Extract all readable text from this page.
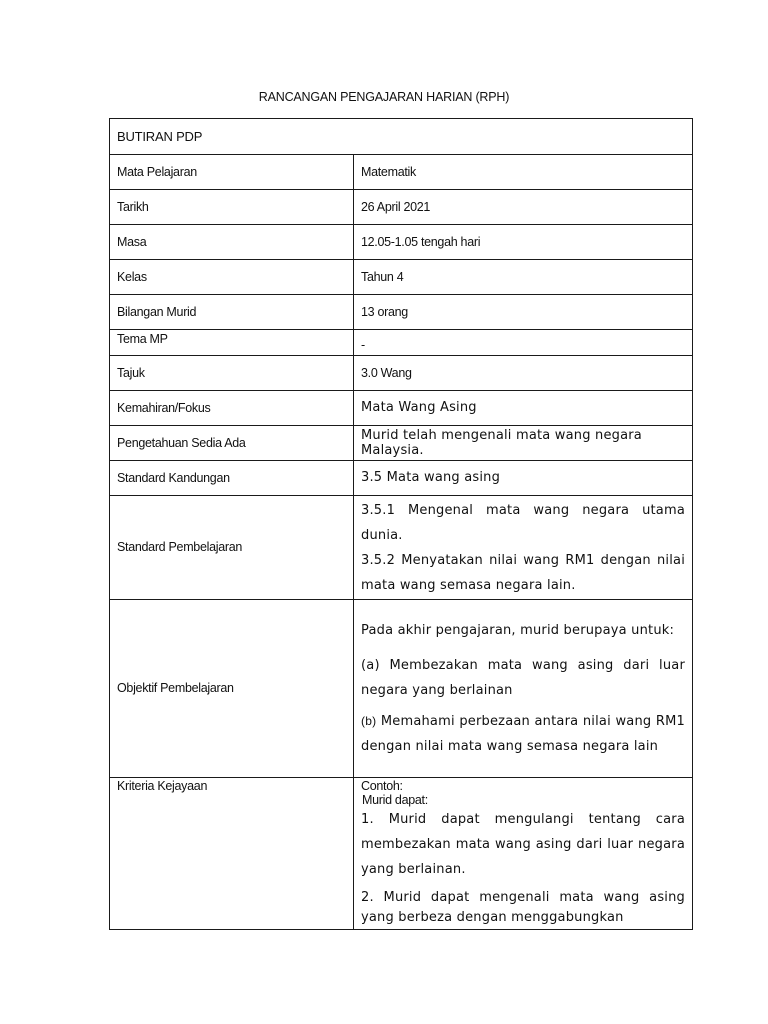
RANCANGAN PENGAJARAN HARIAN (RPH)
BUTIRAN PDP	
Mata Pelajaran	Matematik
Tarikh	26 April 2021
Masa	12.05-1.05 tengah hari
Kelas	Tahun 4
Bilangan Murid	13 orang
Tema MP	-
Tajuk	3.0 Wang
Kemahiran/Fokus	Mata Wang Asing
Pengetahuan Sedia Ada	Murid telah mengenali mata wang negara Malaysia.
Standard Kandungan	3.5 Mata wang asing
Standard Pembelajaran	3.5.1 Mengenal mata wang negara utama dunia.

3.5.2 Menyatakan nilai wang RM1 dengan nilai mata wang semasa negara lain.

Objektif Pembelajaran	Pada akhir pengajaran, murid berupaya untuk:

(a) Membezakan mata wang asing dari luar negara yang berlainan

(b) Memahami perbezaan antara nilai wang RM1 dengan nilai mata wang semasa negara lain

Kriteria Kejayaan	Contoh:
Murid dapat:

1. Murid dapat mengulangi tentang cara membezakan mata wang asing dari luar negara yang berlainan.

2. Murid dapat mengenali mata wang asing yang berbeza dengan menggabungkan
